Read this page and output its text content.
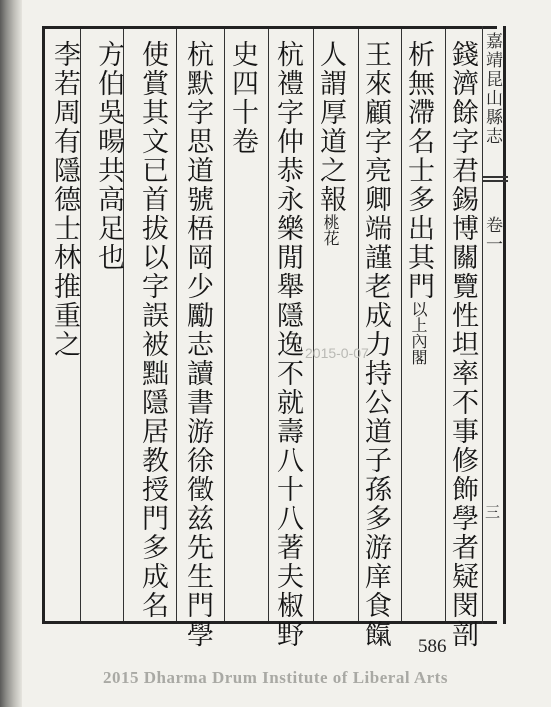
嘉靖昆山縣志
卷一
三
錢濟餘字君錫博關覽性坦率不事修飾學者疑閔剖
析無滯名士多出其門以上內閣
王來顧字亮卿端謹老成力持公道子孫多游庠食餼
人謂厚道之報桃花
杭禮字仲恭永樂閒舉隱逸不就壽八十八著夫椒野
史四十卷
杭默字思道號梧岡少勵志讀書游徐徵兹先生門學
使賞其文已首拔以字誤被黜隱居教授門多成名
方伯吳暘共高足也
李若周有隱德士林推重之	2015-0-07
586
2015 Dharma Drum Institute of Liberal Arts
